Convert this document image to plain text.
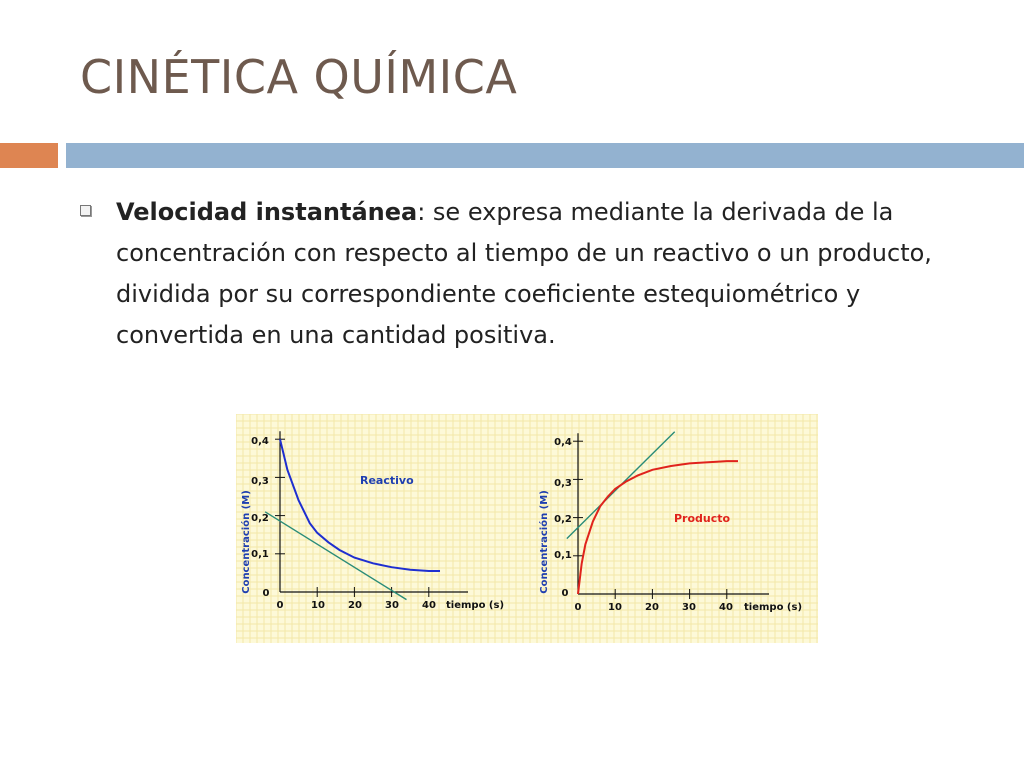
CINÉTICA QUÍMICA

Velocidad instantánea: se expresa mediante la derivada de la concentración con respecto al tiempo de un reactivo o un producto, dividida por su correspondiente coeficiente estequiométrico y convertida en una cantidad positiva.

Concentración (M)
tiempo (s)
0,4
0,3
0,2
0,1
0
0	10 20 30 40
Reactivo
Concentración (M)
tiempo (s)
0,4
0,3
0,2
0,1
0
0	10 20 30 40
Producto
